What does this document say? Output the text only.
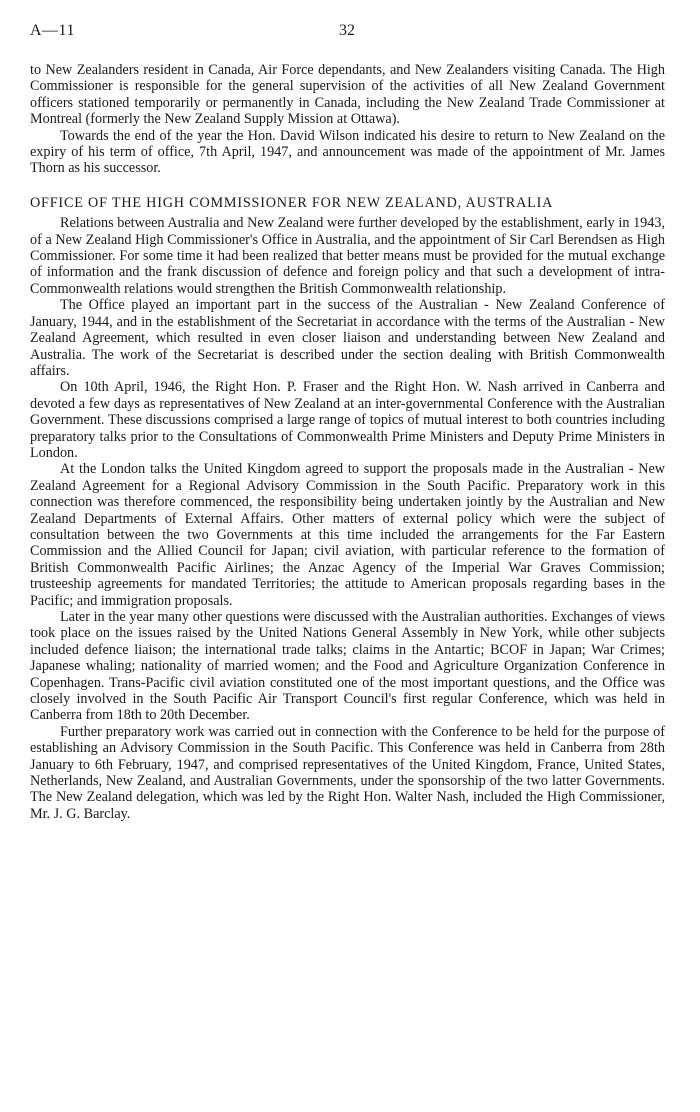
A—11	32

to New Zealanders resident in Canada, Air Force dependants, and New Zealanders visiting Canada. The High Commissioner is responsible for the general supervision of the activities of all New Zealand Government officers stationed temporarily or permanently in Canada, including the New Zealand Trade Commissioner at Montreal (formerly the New Zealand Supply Mission at Ottawa).

Towards the end of the year the Hon. David Wilson indicated his desire to return to New Zealand on the expiry of his term of office, 7th April, 1947, and announcement was made of the appointment of Mr. James Thorn as his successor.

OFFICE OF THE HIGH COMMISSIONER FOR NEW ZEALAND, AUSTRALIA

Relations between Australia and New Zealand were further developed by the establishment, early in 1943, of a New Zealand High Commissioner's Office in Australia, and the appointment of Sir Carl Berendsen as High Commissioner. For some time it had been realized that better means must be provided for the mutual exchange of information and the frank discussion of defence and foreign policy and that such a development of intra-Commonwealth relations would strengthen the British Commonwealth relationship.

The Office played an important part in the success of the Australian - New Zealand Conference of January, 1944, and in the establishment of the Secretariat in accordance with the terms of the Australian - New Zealand Agreement, which resulted in even closer liaison and understanding between New Zealand and Australia. The work of the Secretariat is described under the section dealing with British Commonwealth affairs.

On 10th April, 1946, the Right Hon. P. Fraser and the Right Hon. W. Nash arrived in Canberra and devoted a few days as representatives of New Zealand at an inter-governmental Conference with the Australian Government. These discussions comprised a large range of topics of mutual interest to both countries including preparatory talks prior to the Consultations of Commonwealth Prime Ministers and Deputy Prime Ministers in London.

At the London talks the United Kingdom agreed to support the proposals made in the Australian - New Zealand Agreement for a Regional Advisory Commission in the South Pacific. Preparatory work in this connection was therefore commenced, the responsibility being undertaken jointly by the Australian and New Zealand Departments of External Affairs. Other matters of external policy which were the subject of consultation between the two Governments at this time included the arrangements for the Far Eastern Commission and the Allied Council for Japan; civil aviation, with particular reference to the formation of British Commonwealth Pacific Airlines; the Anzac Agency of the Imperial War Graves Commission; trusteeship agreements for mandated Territories; the attitude to American proposals regarding bases in the Pacific; and immigration proposals.

Later in the year many other questions were discussed with the Australian authorities. Exchanges of views took place on the issues raised by the United Nations General Assembly in New York, while other subjects included defence liaison; the international trade talks; claims in the Antartic; BCOF in Japan; War Crimes; Japanese whaling; nationality of married women; and the Food and Agriculture Organization Conference in Copenhagen. Trans-Pacific civil aviation constituted one of the most important questions, and the Office was closely involved in the South Pacific Air Transport Council's first regular Conference, which was held in Canberra from 18th to 20th December.

Further preparatory work was carried out in connection with the Conference to be held for the purpose of establishing an Advisory Commission in the South Pacific. This Conference was held in Canberra from 28th January to 6th February, 1947, and comprised representatives of the United Kingdom, France, United States, Netherlands, New Zealand, and Australian Governments, under the sponsorship of the two latter Governments. The New Zealand delegation, which was led by the Right Hon. Walter Nash, included the High Commissioner, Mr. J. G. Barclay.
